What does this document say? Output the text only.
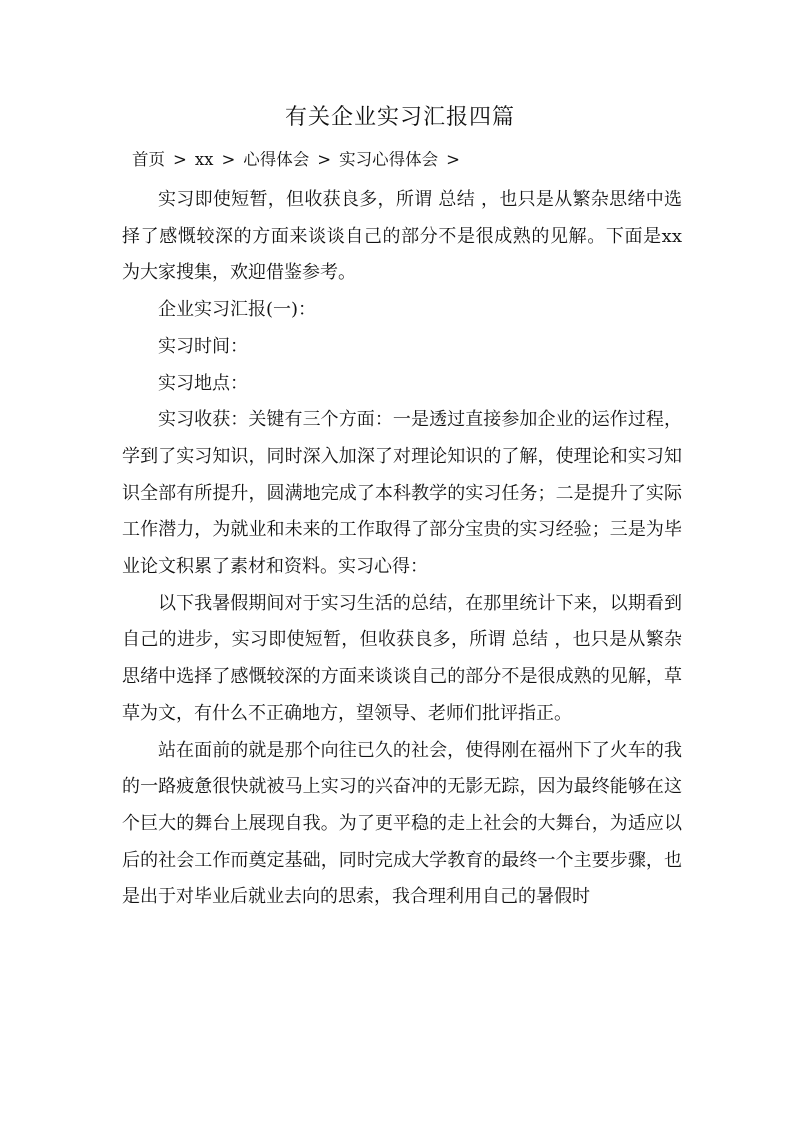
有关企业实习汇报四篇
首页 > xx > 心得体会 > 实习心得体会 >

实习即使短暂，但收获良多，所谓 总结 ，也只是从繁杂思绪中选择了感慨较深的方面来谈谈自己的部分不是很成熟的见解。下面是xx为大家搜集，欢迎借鉴参考。

企业实习汇报(一)：

实习时间：

实习地点：

实习收获：关键有三个方面：一是透过直接参加企业的运作过程，学到了实习知识，同时深入加深了对理论知识的了解，使理论和实习知识全部有所提升，圆满地完成了本科教学的实习任务；二是提升了实际工作潜力，为就业和未来的工作取得了部分宝贵的实习经验；三是为毕业论文积累了素材和资料。实习心得：

以下我暑假期间对于实习生活的总结，在那里统计下来，以期看到自己的进步，实习即使短暂，但收获良多，所谓 总结 ，也只是从繁杂思绪中选择了感慨较深的方面来谈谈自己的部分不是很成熟的见解，草草为文，有什么不正确地方，望领导、老师们批评指正。

站在面前的就是那个向往已久的社会，使得刚在福州下了火车的我的一路疲惫很快就被马上实习的兴奋冲的无影无踪，因为最终能够在这个巨大的舞台上展现自我。为了更平稳的走上社会的大舞台，为适应以后的社会工作而奠定基础，同时完成大学教育的最终一个主要步骤，也是出于对毕业后就业去向的思索，我合理利用自己的暑假时
